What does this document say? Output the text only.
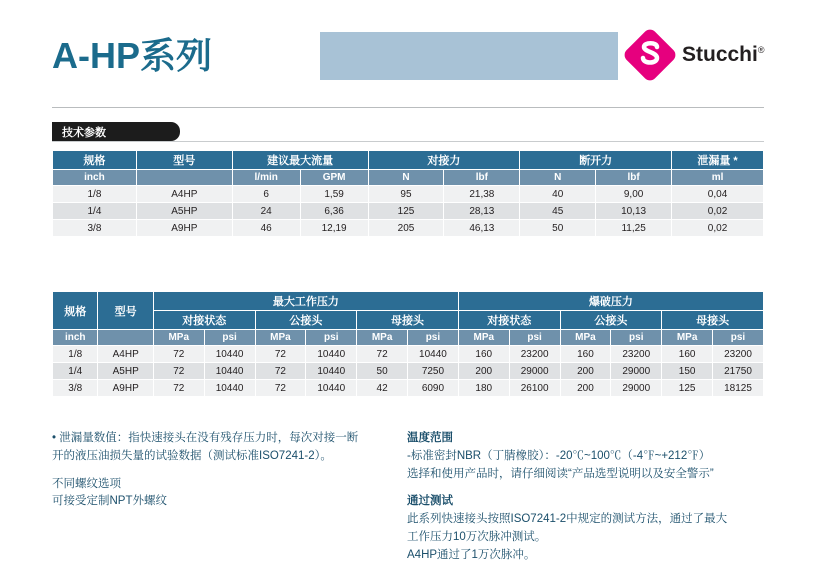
A-HP系列	Stucchi®
技术参数
规格	型号	建议最大流量		对接力		断开力		泄漏量 *
inch		l/min	GPM	N	lbf	N	lbf	ml
1/8	A4HP	6	1,59	95	21,38	40	9,00	0,04
1/4	A5HP	24	6,36	125	28,13	45	10,13	0,02
3/8	A9HP	46	12,19	205	46,13	50	11,25	0,02
规格	型号	最大工作压力						爆破压力					
		对接状态		公接头		母接头		对接状态		公接头		母接头	
inch		MPa	psi	MPa	psi	MPa	psi	MPa	psi	MPa	psi	MPa	psi
1/8	A4HP	72	10440	72	10440	72	10440	160	23200	160	23200	160	23200
1/4	A5HP	72	10440	72	10440	50	7250	200	29000	200	29000	150	21750
3/8	A9HP	72	10440	72	10440	42	6090	180	26100	200	29000	125	18125
• 泄漏量数值：指快速接头在没有残存压力时，每次对接一断
开的液压油损失量的试验数据（测试标准ISO7241-2）。
不同螺纹选项
可接受定制NPT外螺纹
温度范围
-标准密封NBR（丁腈橡胶）：-20℃~100℃（-4℉~+212℉）
选择和使用产品时，请仔细阅读“产品选型说明以及安全警示”
通过测试
此系列快速接头按照ISO7241-2中规定的测试方法，通过了最大
工作压力10万次脉冲测试。
A4HP通过了1万次脉冲。
